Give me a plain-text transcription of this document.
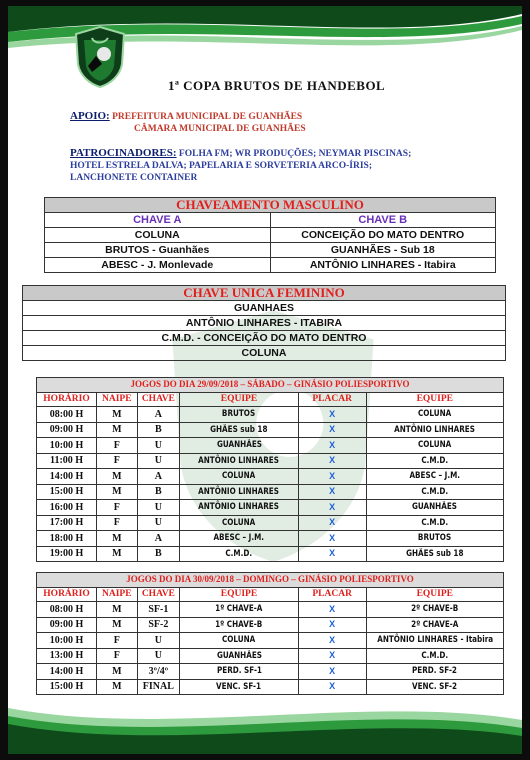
1ª COPA BRUTOS DE HANDEBOL
APOIO: PREFEITURA MUNICIPAL DE GUANHÃES
CÂMARA MUNICIPAL DE GUANHÃES
PATROCINADORES: FOLHA FM; WR PRODUÇÕES; NEYMAR PISCINAS;
HOTEL ESTRELA DALVA; PAPELARIA E SORVETERIA ARCO-ÍRIS;
LANCHONETE CONTAINER
CHAVEAMENTO MASCULINO	
CHAVE A	CHAVE B
COLUNA	CONCEIÇÃO DO MATO DENTRO
BRUTOS - Guanhães	GUANHÃES - Sub 18
ABESC - J. Monlevade	ANTÔNIO LINHARES - Itabira
CHAVE UNICA FEMININO
GUANHAES
ANTÔNIO LINHARES - ITABIRA
C.M.D. - CONCEIÇÃO DO MATO DENTRO
COLUNA
JOGOS DO DIA 29/09/2018 – SÁBADO – GINÁSIO POLIESPORTIVO					
HORÁRIO	NAIPE	CHAVE	EQUIPE	PLACAR	EQUIPE
08:00 H	M	A	BRUTOS	X	COLUNA
09:00 H	M	B	GHÃES sub 18	X	ANTÔNIO LINHARES
10:00 H	F	U	GUANHÃES	X	COLUNA
11:00 H	F	U	ANTÔNIO LINHARES	X	C.M.D.
14:00 H	M	A	COLUNA	X	ABESC – J.M.
15:00 H	M	B	ANTÔNIO LINHARES	X	C.M.D.
16:00 H	F	U	ANTÔNIO LINHARES	X	GUANHÃES
17:00 H	F	U	COLUNA	X	C.M.D.
18:00 H	M	A	ABESC – J.M.	X	BRUTOS
19:00 H	M	B	C.M.D.	X	GHÃES sub 18

JOGOS DO DIA 30/09/2018 – DOMINGO – GINÁSIO POLIESPORTIVO					
HORÁRIO	NAIPE	CHAVE	EQUIPE	PLACAR	EQUIPE
08:00 H	M	SF-1	1º CHAVE-A	X	2º CHAVE-B
09:00 H	M	SF-2	1º CHAVE-B	X	2º CHAVE-A
10:00 H	F	U	COLUNA	X	ANTÔNIO LINHARES - Itabira
13:00 H	F	U	GUANHÃES	X	C.M.D.
14:00 H	M	3º/4º	PERD. SF-1	X	PERD. SF-2
15:00 H	M	FINAL	VENC. SF-1	X	VENC. SF-2
